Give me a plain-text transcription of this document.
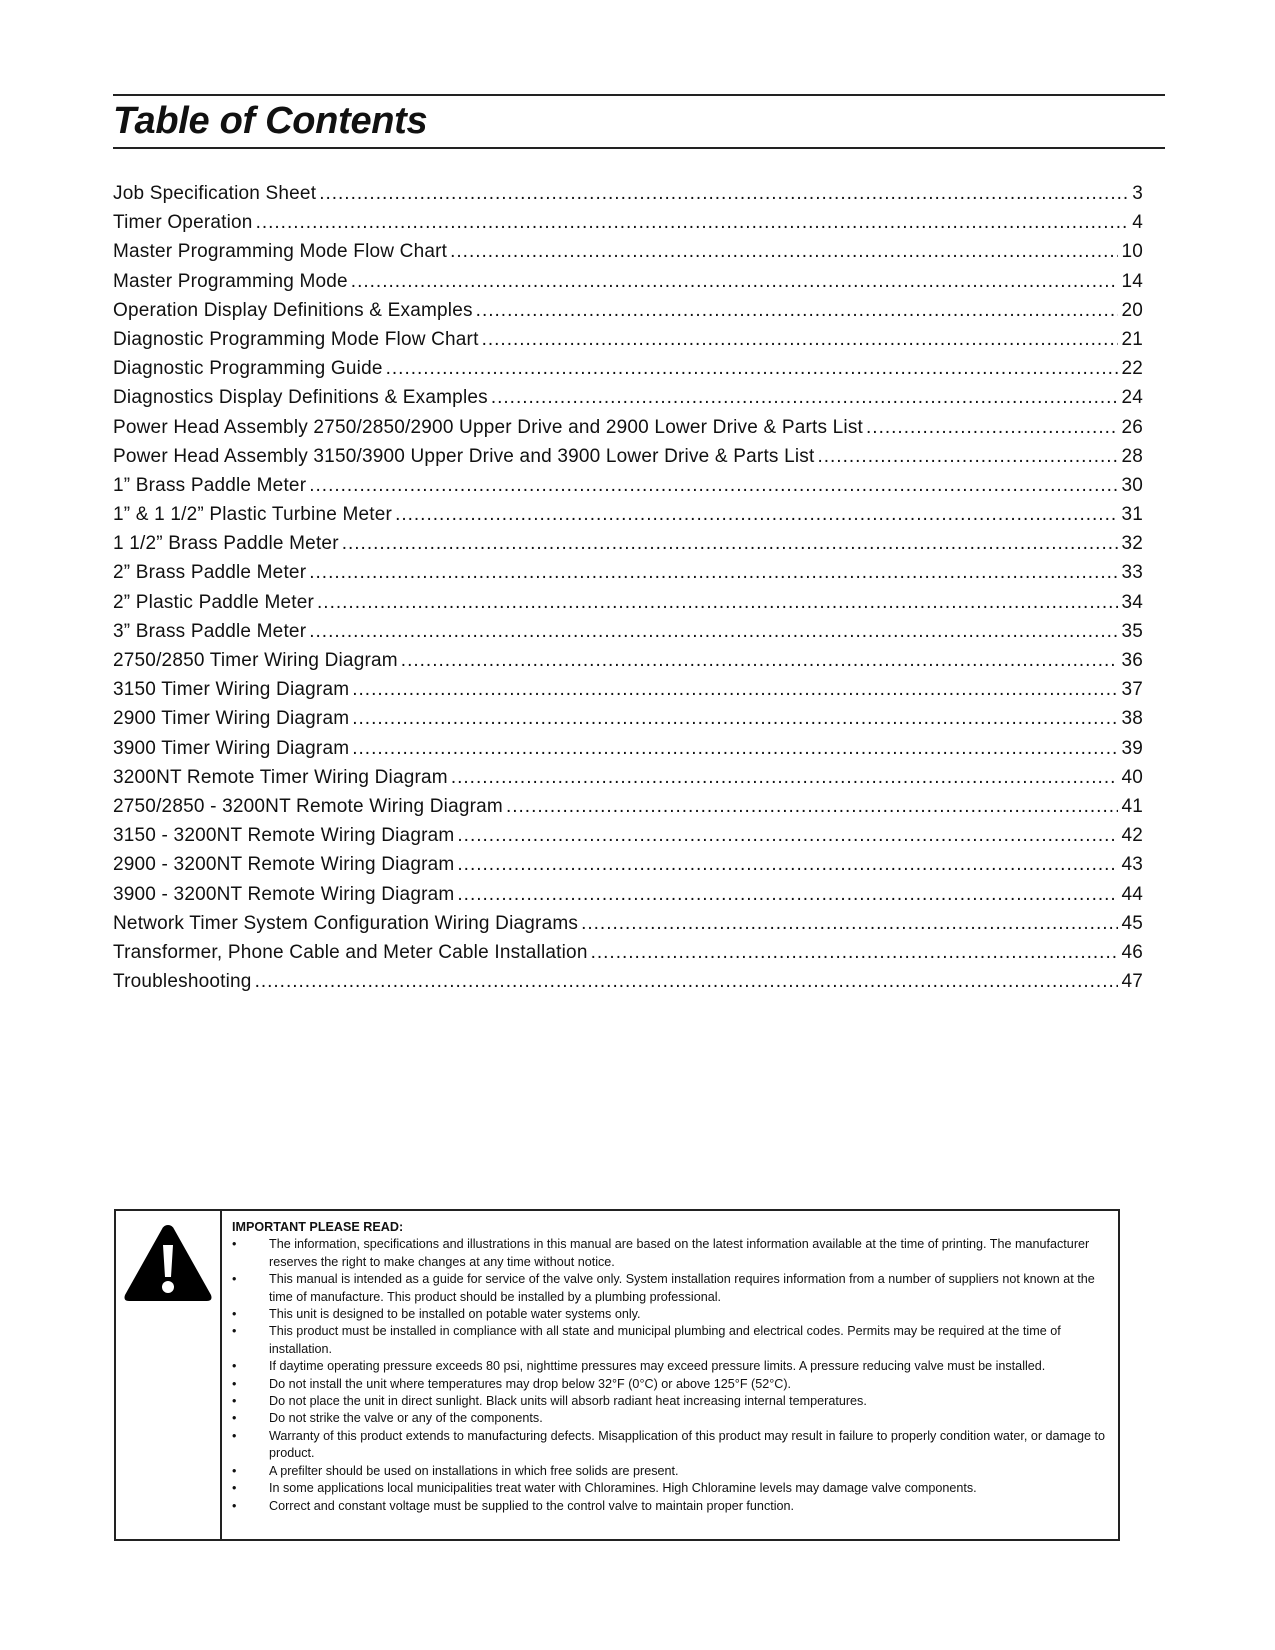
Table of Contents
Job Specification Sheet .....	3
Timer Operation .....	4
Master Programming Mode Flow Chart .....	10
Master Programming Mode .....	14
Operation Display Definitions & Examples .....	20
Diagnostic Programming Mode Flow Chart .....	21
Diagnostic Programming Guide .....	22
Diagnostics Display Definitions & Examples .....	24
Power Head Assembly 2750/2850/2900 Upper Drive and 2900 Lower Drive & Parts List .....	26
Power Head Assembly 3150/3900 Upper Drive and 3900 Lower Drive & Parts List .....	28
1” Brass Paddle Meter .....	30
1” & 1 1/2” Plastic Turbine Meter .....	31
1 1/2” Brass Paddle Meter .....	32
2” Brass Paddle Meter .....	33
2” Plastic Paddle Meter .....	34
3” Brass Paddle Meter .....	35
2750/2850 Timer Wiring Diagram .....	36
3150 Timer Wiring Diagram .....	37
2900 Timer Wiring Diagram .....	38
3900 Timer Wiring Diagram .....	39
3200NT Remote Timer Wiring Diagram .....	40
2750/2850 - 3200NT Remote Wiring Diagram .....	41
3150 - 3200NT Remote Wiring Diagram .....	42
2900 - 3200NT Remote Wiring Diagram .....	43
3900 - 3200NT Remote Wiring Diagram .....	44
Network Timer System Configuration Wiring Diagrams .....	45
Transformer, Phone Cable and Meter Cable Installation .....	46
Troubleshooting .....	47
IMPORTANT PLEASE READ:
•	The information, specifications and illustrations in this manual are based on the latest information available at the time of printing. The manufacturer reserves the right to make changes at any time without notice.
•	This manual is intended as a guide for service of the valve only. System installation requires information from a number of suppliers not known at the time of manufacture. This product should be installed by a plumbing professional.
•	This unit is designed to be installed on potable water systems only.
•	This product must be installed in compliance with all state and municipal plumbing and electrical codes. Permits may be required at the time of installation.
•	If daytime operating pressure exceeds 80 psi, nighttime pressures may exceed pressure limits. A pressure reducing valve must be installed.
•	Do not install the unit where temperatures may drop below 32°F (0°C) or above 125°F (52°C).
•	Do not place the unit in direct sunlight. Black units will absorb radiant heat increasing internal temperatures.
•	Do not strike the valve or any of the components.
•	Warranty of this product extends to manufacturing defects. Misapplication of this product may result in failure to properly condition water, or damage to product.
•	A prefilter should be used on installations in which free solids are present.
•	In some applications local municipalities treat water with Chloramines. High Chloramine levels may damage valve components.
•	Correct and constant voltage must be supplied to the control valve to maintain proper function.
